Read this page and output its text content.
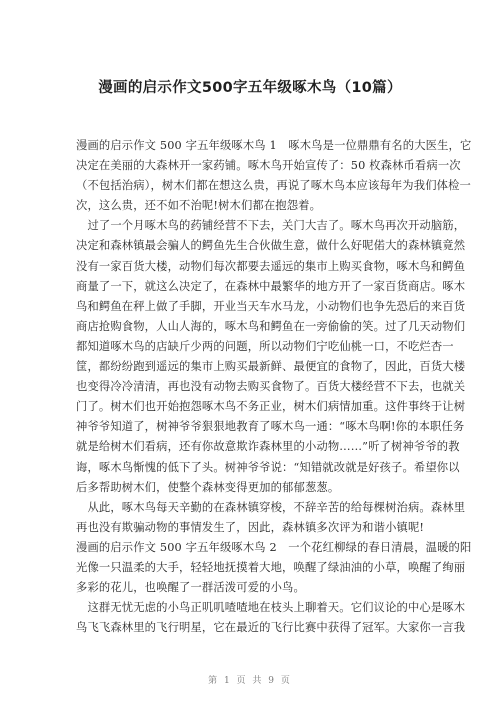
漫画的启示作文500字五年级啄木鸟（10篇）
漫画的启示作文 500 字五年级啄木鸟 1　啄木鸟是一位鼎鼎有名的大医生，它
决定在美丽的大森林开一家药铺。啄木鸟开始宣传了：50 枚森林币看病一次
（不包括治病），树木们都在想这么贵，再说了啄木鸟本应该每年为我们体检一
次，这么贵，还不如不治呢!树木们都在抱怨着。
　过了一个月啄木鸟的药铺经营不下去，关门大吉了。啄木鸟再次开动脑筋，
决定和森林镇最会骗人的鳄鱼先生合伙做生意，做什么好呢偌大的森林镇竟然
没有一家百货大楼，动物们每次都要去遥远的集市上购买食物，啄木鸟和鳄鱼
商量了一下，就这么决定了，在森林中最繁华的地方开了一家百货商店。啄木
鸟和鳄鱼在秤上做了手脚，开业当天车水马龙，小动物们也争先恐后的来百货
商店抢购食物，人山人海的，啄木鸟和鳄鱼在一旁偷偷的笑。过了几天动物们
都知道啄木鸟的店缺斤少两的问题，所以动物们宁吃仙桃一口，不吃烂杏一
筐，都纷纷跑到遥远的集市上购买最新鲜、最便宜的食物了，因此，百货大楼
也变得冷冷清清，再也没有动物去购买食物了。百货大楼经营不下去，也就关
门了。树木们也开始抱怨啄木鸟不务正业，树木们病情加重。这件事终于让树
神爷爷知道了，树神爷爷狠狠地教育了啄木鸟一通：“啄木鸟啊!你的本职任务
就是给树木们看病，还有你故意欺诈森林里的小动物……”听了树神爷爷的教
诲，啄木鸟惭愧的低下了头。树神爷爷说：“知错就改就是好孩子。希望你以
后多帮助树木们，使整个森林变得更加的郁郁葱葱。
　从此，啄木鸟每天辛勤的在森林镇穿梭，不辞辛苦的给每棵树治病。森林里
再也没有欺骗动物的事情发生了，因此，森林镇多次评为和谐小镇呢!
漫画的启示作文 500 字五年级啄木鸟 2　一个花红柳绿的春日清晨，温暖的阳
光像一只温柔的大手，轻轻地抚摸着大地，唤醒了绿油油的小草，唤醒了绚丽
多彩的花儿，也唤醒了一群活泼可爱的小鸟。
　这群无忧无虑的小鸟正叽叽喳喳地在枝头上聊着天。它们议论的中心是啄木
鸟飞飞森林里的飞行明星，它在最近的飞行比赛中获得了冠军。大家你一言我
第 1 页 共 9 页
